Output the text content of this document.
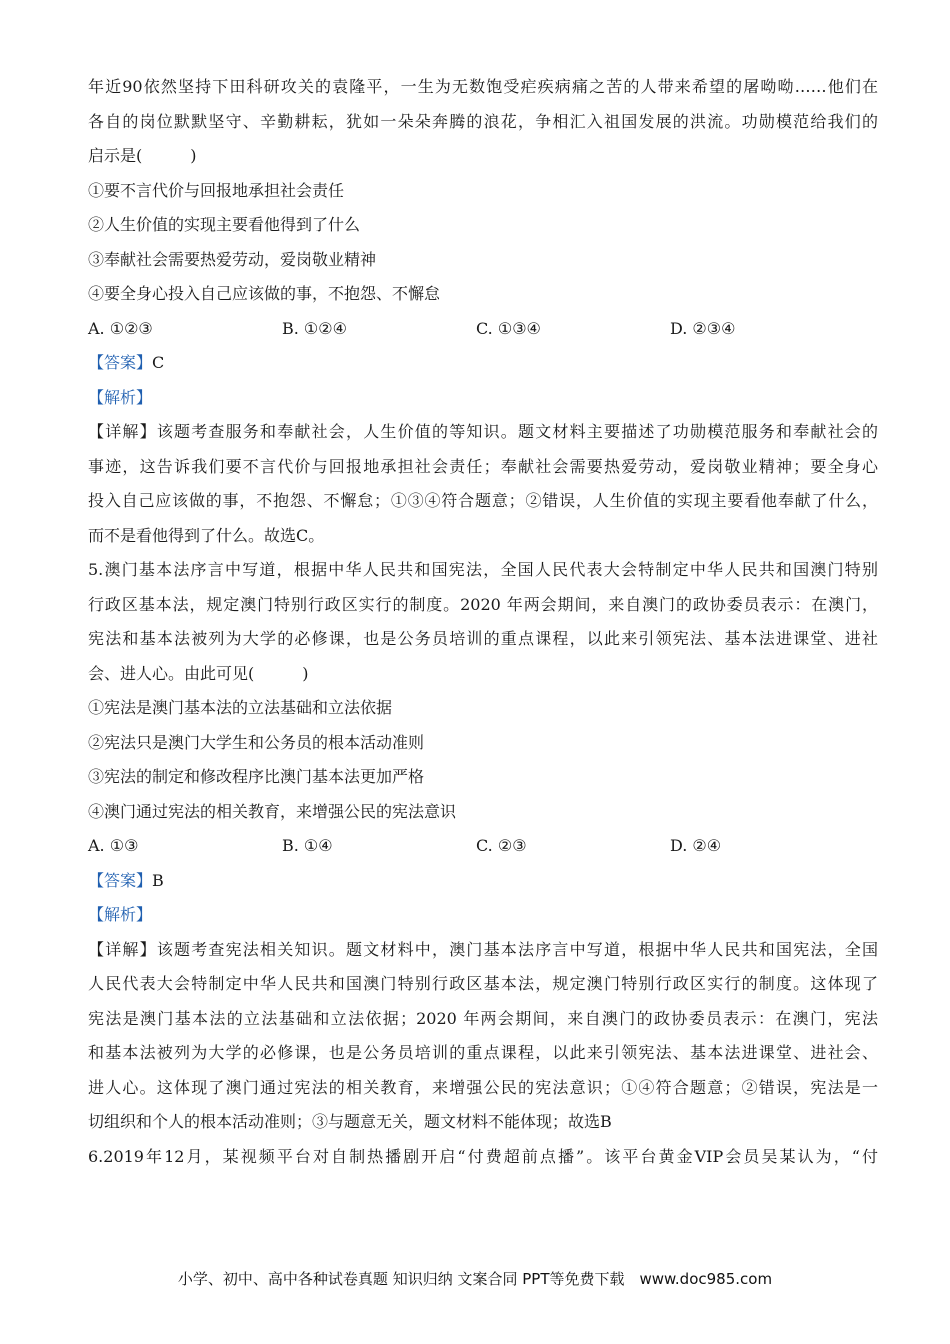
年近90依然坚持下田科研攻关的袁隆平，一生为无数饱受疟疾病痛之苦的人带来希望的屠呦呦……他们在
各自的岗位默默坚守、辛勤耕耘，犹如一朵朵奔腾的浪花，争相汇入祖国发展的洪流。功勋模范给我们的
启示是(　　　)
①要不言代价与回报地承担社会责任
②人生价值的实现主要看他得到了什么
③奉献社会需要热爱劳动，爱岗敬业精神
④要全身心投入自己应该做的事，不抱怨、不懈怠
A. ①②③	B. ①②④	C. ①③④	D. ②③④
【答案】C
【解析】
【详解】该题考查服务和奉献社会，人生价值的等知识。题文材料主要描述了功勋模范服务和奉献社会的
事迹，这告诉我们要不言代价与回报地承担社会责任；奉献社会需要热爱劳动，爱岗敬业精神；要全身心
投入自己应该做的事，不抱怨、不懈怠；①③④符合题意；②错误，人生价值的实现主要看他奉献了什么，
而不是看他得到了什么。故选C。
5.澳门基本法序言中写道，根据中华人民共和国宪法，全国人民代表大会特制定中华人民共和国澳门特别
行政区基本法，规定澳门特别行政区实行的制度。2020 年两会期间，来自澳门的政协委员表示：在澳门，
宪法和基本法被列为大学的必修课，也是公务员培训的重点课程，以此来引领宪法、基本法进课堂、进社
会、进人心。由此可见(　　　)
①宪法是澳门基本法的立法基础和立法依据
②宪法只是澳门大学生和公务员的根本活动准则
③宪法的制定和修改程序比澳门基本法更加严格
④澳门通过宪法的相关教育，来增强公民的宪法意识
A. ①③	B. ①④	C. ②③	D. ②④
【答案】B
【解析】
【详解】该题考查宪法相关知识。题文材料中，澳门基本法序言中写道，根据中华人民共和国宪法，全国
人民代表大会特制定中华人民共和国澳门特别行政区基本法，规定澳门特别行政区实行的制度。这体现了
宪法是澳门基本法的立法基础和立法依据；2020 年两会期间，来自澳门的政协委员表示：在澳门，宪法
和基本法被列为大学的必修课，也是公务员培训的重点课程，以此来引领宪法、基本法进课堂、进社会、
进人心。这体现了澳门通过宪法的相关教育，来增强公民的宪法意识；①④符合题意；②错误，宪法是一
切组织和个人的根本活动准则；③与题意无关，题文材料不能体现；故选B
6.2019年12月，某视频平台对自制热播剧开启“付费超前点播”。该平台黄金VIP会员吴某认为，“付
小学、初中、高中各种试卷真题 知识归纳 文案合同 PPT等免费下载　www.doc985.com
